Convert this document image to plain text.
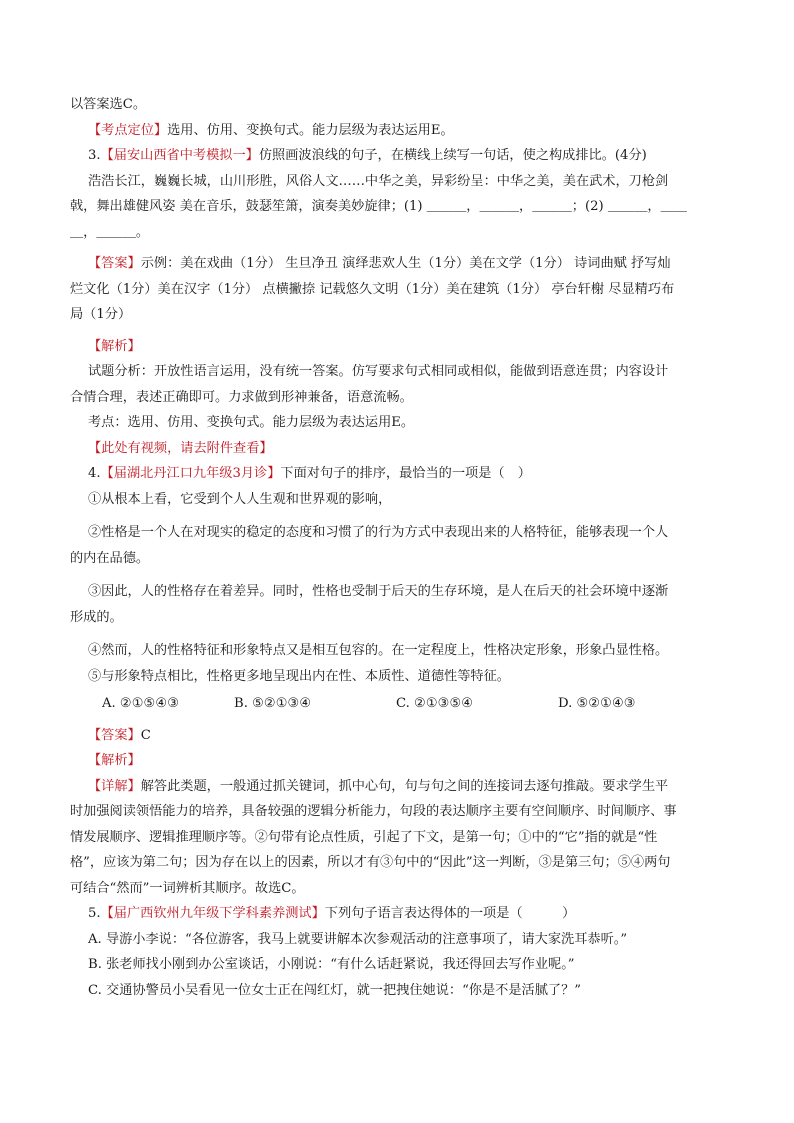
以答案选C。
【考点定位】选用、仿用、变换句式。能力层级为表达运用E。
3.【届安山西省中考模拟一】仿照画波浪线的句子，在横线上续写一句话，使之构成排比。(4分)
浩浩长江，巍巍长城，山川形胜，风俗人文……中华之美，异彩纷呈：中华之美，美在武术，刀枪剑
戟，舞出雄健风姿 美在音乐，鼓瑟笙箫，演奏美妙旋律；(1) ＿＿＿，＿＿＿，＿＿＿；(2) ＿＿＿，＿＿
＿，＿＿＿。
【答案】示例：美在戏曲（1分） 生旦净丑 演绎悲欢人生（1分）美在文学（1分） 诗词曲赋 抒写灿
烂文化（1分）美在汉字（1分） 点横撇捺 记载悠久文明（1分）美在建筑（1分） 亭台轩榭 尽显精巧布
局（1分）
【解析】
试题分析：开放性语言运用，没有统一答案。仿写要求句式相同或相似，能做到语意连贯；内容设计
合情合理，表述正确即可。力求做到形神兼备，语意流畅。
考点：选用、仿用、变换句式。能力层级为表达运用E。
【此处有视频，请去附件查看】
4.【届湖北丹江口九年级3月诊】下面对句子的排序，最恰当的一项是（　）
①从根本上看，它受到个人人生观和世界观的影响，
②性格是一个人在对现实的稳定的态度和习惯了的行为方式中表现出来的人格特征，能够表现一个人
的内在品德。
③因此，人的性格存在着差异。同时，性格也受制于后天的生存环境，是人在后天的社会环境中逐渐
形成的。
④然而，人的性格特征和形象特点又是相互包容的。在一定程度上，性格决定形象，形象凸显性格。
⑤与形象特点相比，性格更多地呈现出内在性、本质性、道德性等特征。
A. ②①⑤④③	B. ⑤②①③④	C. ②①③⑤④	D. ⑤②①④③
【答案】C
【解析】
【详解】解答此类题，一般通过抓关键词，抓中心句，句与句之间的连接词去逐句推敲。要求学生平
时加强阅读领悟能力的培养，具备较强的逻辑分析能力，句段的表达顺序主要有空间顺序、时间顺序、事
情发展顺序、逻辑推理顺序等。②句带有论点性质，引起了下文，是第一句；①中的“它”指的就是“性
格”，应该为第二句；因为存在以上的因素，所以才有③句中的“因此”这一判断，③是第三句；⑤④两句
可结合“然而”一词辨析其顺序。故选C。
5.【届广西钦州九年级下学科素养测试】下列句子语言表达得体的一项是（　　　）
A. 导游小李说：“各位游客，我马上就要讲解本次参观活动的注意事项了，请大家洗耳恭听。”
B. 张老师找小刚到办公室谈话，小刚说：“有什么话赶紧说，我还得回去写作业呢。”
C. 交通协警员小吴看见一位女士正在闯红灯，就一把拽住她说：“你是不是活腻了？”
